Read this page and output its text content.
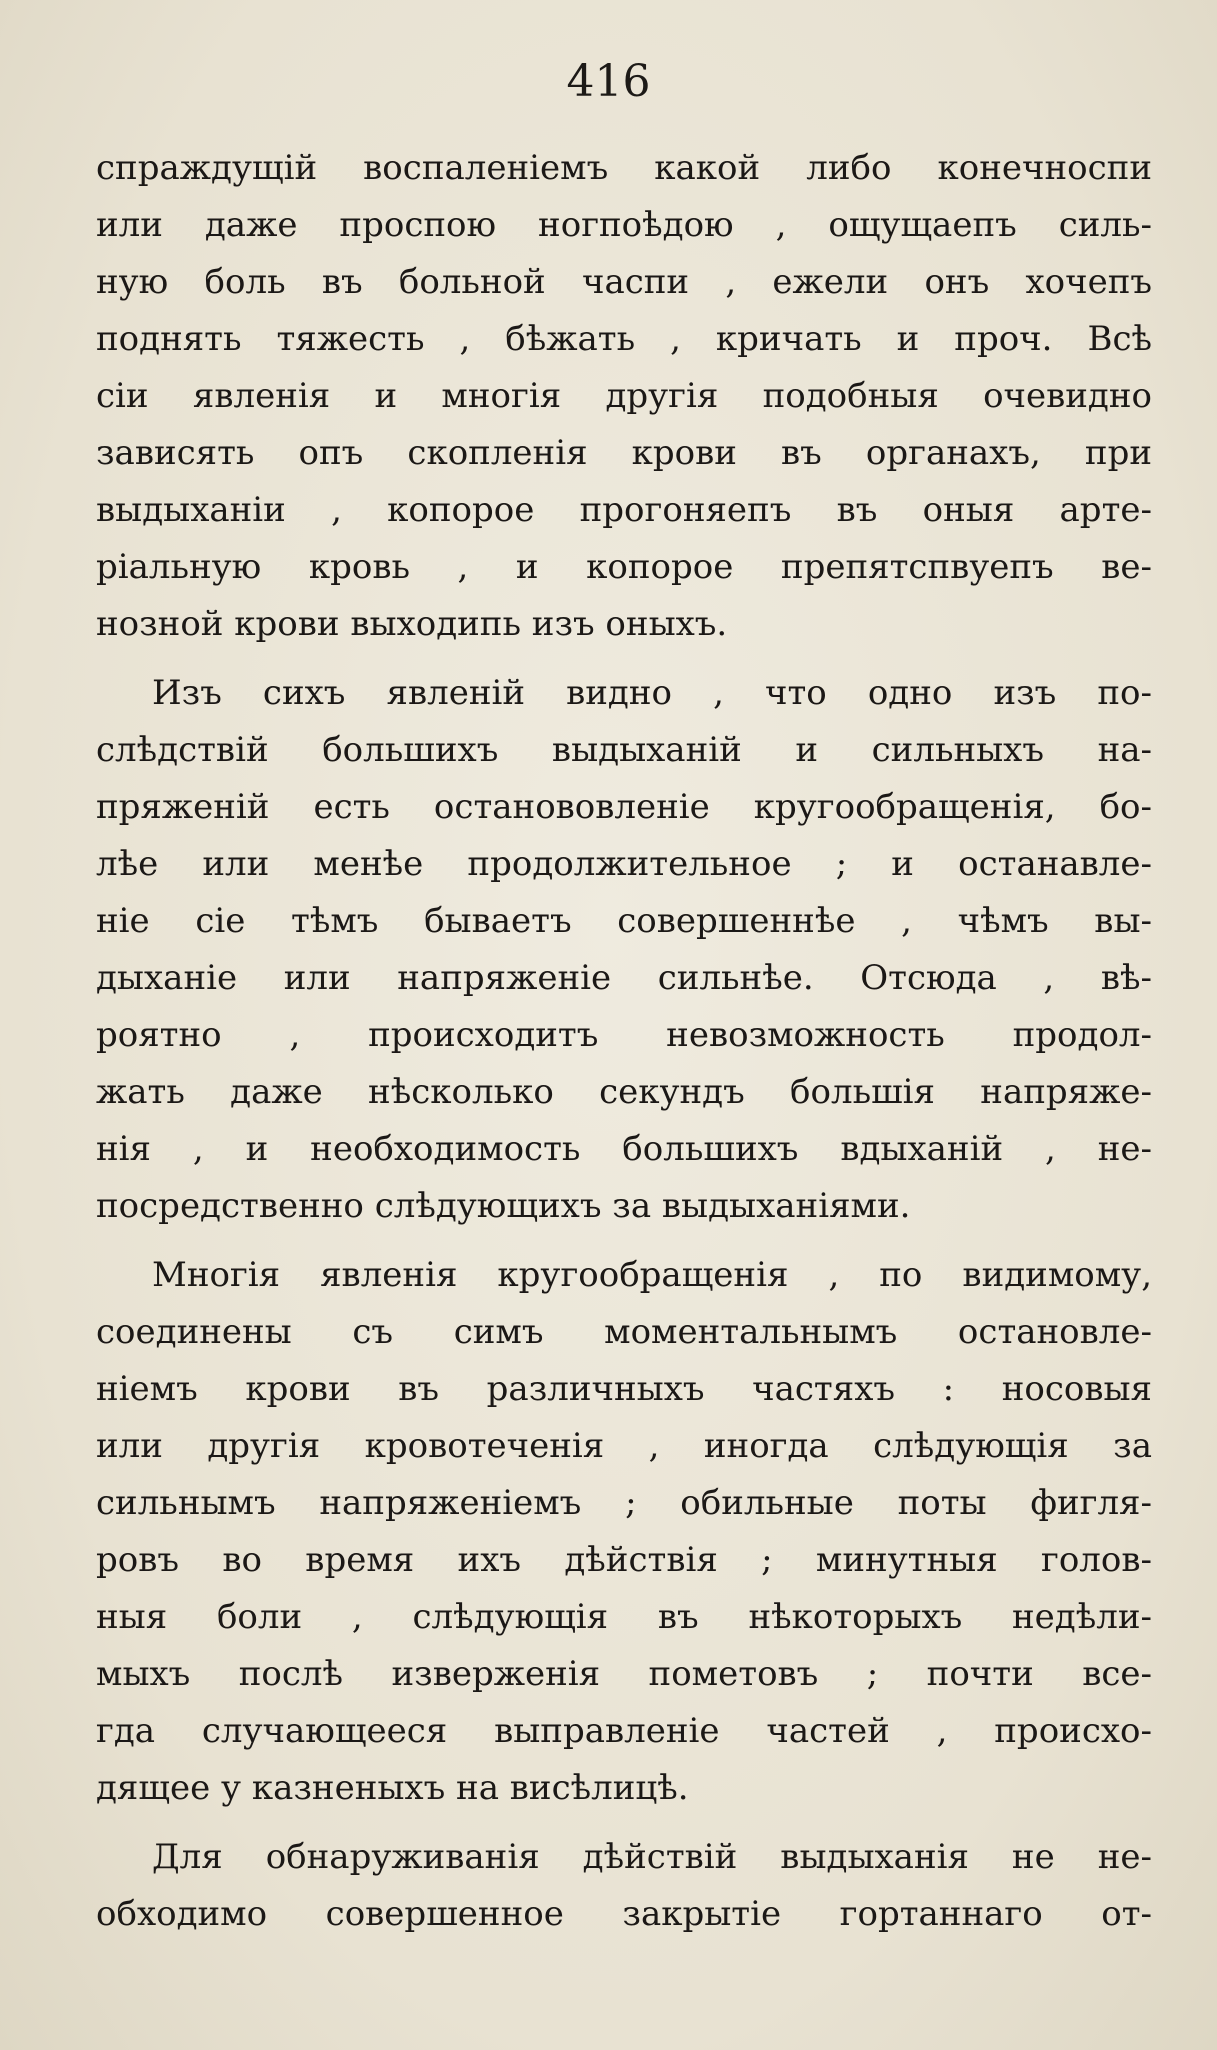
416
спраждущій воспаленіемъ какой либо конечноспи
или даже проспою ногпоѣдою , ощущаепъ силь-
ную боль въ больной часпи , ежели онъ хочепъ
поднять тяжесть , бѣжать , кричать и проч. Всѣ
сіи явленія и многія другія подобныя очевидно
зависять опъ скопленія крови въ органахъ, при
выдыханіи , копорое прогоняепъ въ оныя арте-
ріальную кровь , и копорое препятспвуепъ ве-
нозной крови выходипь изъ оныхъ.
Изъ сихъ явленій видно , что одно изъ по-
слѣдствій большихъ выдыханій и сильныхъ на-
пряженій есть останововленіе кругообращенія, бо-
лѣе или менѣе продолжительное ; и останавле-
ніе сіе тѣмъ бываетъ совершеннѣе , чѣмъ вы-
дыханіе или напряженіе сильнѣе. Отсюда , вѣ-
роятно , происходитъ невозможность продол-
жать даже нѣсколько секундъ большія напряже-
нія , и необходимость большихъ вдыханій , не-
посредственно слѣдующихъ за выдыханіями.
Многія явленія кругообращенія , по видимому,
соединены съ симъ моментальнымъ остановле-
ніемъ крови въ различныхъ частяхъ : носовыя
или другія кровотеченія , иногда слѣдующія за
сильнымъ напряженіемъ ; обильные поты фигля-
ровъ во время ихъ дѣйствія ; минутныя голов-
ныя боли , слѣдующія въ нѣкоторыхъ недѣли-
мыхъ послѣ изверженія пометовъ ; почти все-
гда случающееся выправленіе частей , происхо-
дящее у казненыхъ на висѣлицѣ.
Для обнаруживанія дѣйствій выдыханія не не-
обходимо совершенное закрытіе гортаннаго от-
